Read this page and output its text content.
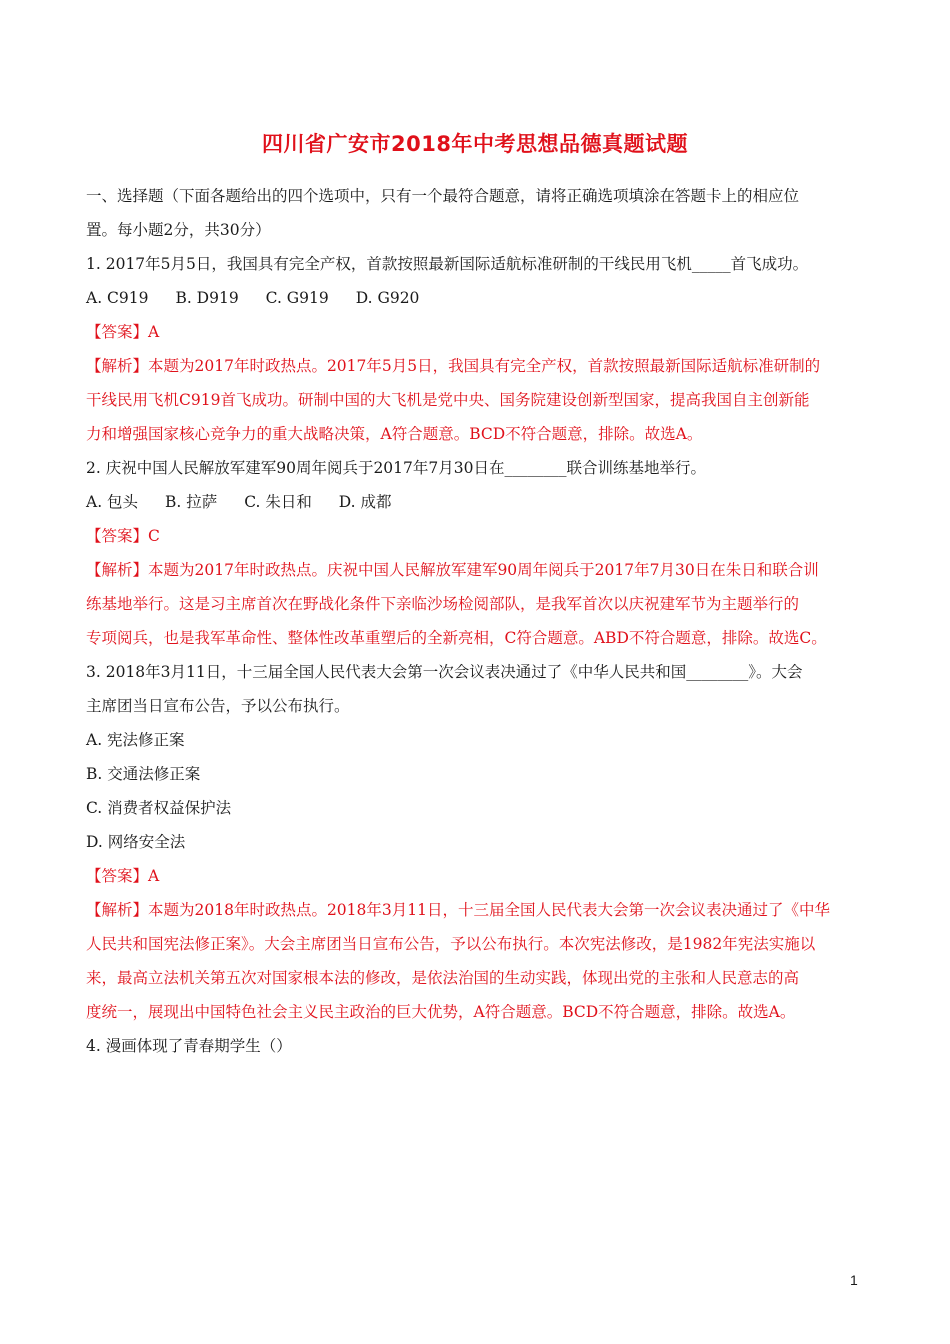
四川省广安市2018年中考思想品德真题试题
一、选择题（下面各题给出的四个选项中，只有一个最符合题意，请将正确选项填涂在答题卡上的相应位
置。每小题2分，共30分）
1. 2017年5月5日，我国具有完全产权，首款按照最新国际适航标准研制的干线民用飞机_____首飞成功。
A. C919 B. D919 C. G919 D. G920
【答案】A
【解析】本题为2017年时政热点。2017年5月5日，我国具有完全产权，首款按照最新国际适航标准研制的
干线民用飞机C919首飞成功。研制中国的大飞机是党中央、国务院建设创新型国家，提高我国自主创新能
力和增强国家核心竞争力的重大战略决策，A符合题意。BCD不符合题意，排除。故选A。
2. 庆祝中国人民解放军建军90周年阅兵于2017年7月30日在________联合训练基地举行。
A. 包头 B. 拉萨 C. 朱日和 D. 成都
【答案】C
【解析】本题为2017年时政热点。庆祝中国人民解放军建军90周年阅兵于2017年7月30日在朱日和联合训
练基地举行。这是习主席首次在野战化条件下亲临沙场检阅部队，是我军首次以庆祝建军节为主题举行的
专项阅兵，也是我军革命性、整体性改革重塑后的全新亮相，C符合题意。ABD不符合题意，排除。故选C。
3. 2018年3月11日，十三届全国人民代表大会第一次会议表决通过了《中华人民共和国________》。大会
主席团当日宣布公告，予以公布执行。
A. 宪法修正案
B. 交通法修正案
C. 消费者权益保护法
D. 网络安全法
【答案】A
【解析】本题为2018年时政热点。2018年3月11日，十三届全国人民代表大会第一次会议表决通过了《中华
人民共和国宪法修正案》。大会主席团当日宣布公告，予以公布执行。本次宪法修改，是1982年宪法实施以
来，最高立法机关第五次对国家根本法的修改，是依法治国的生动实践，体现出党的主张和人民意志的高
度统一，展现出中国特色社会主义民主政治的巨大优势，A符合题意。BCD不符合题意，排除。故选A。
4. 漫画体现了青春期学生（）
1
